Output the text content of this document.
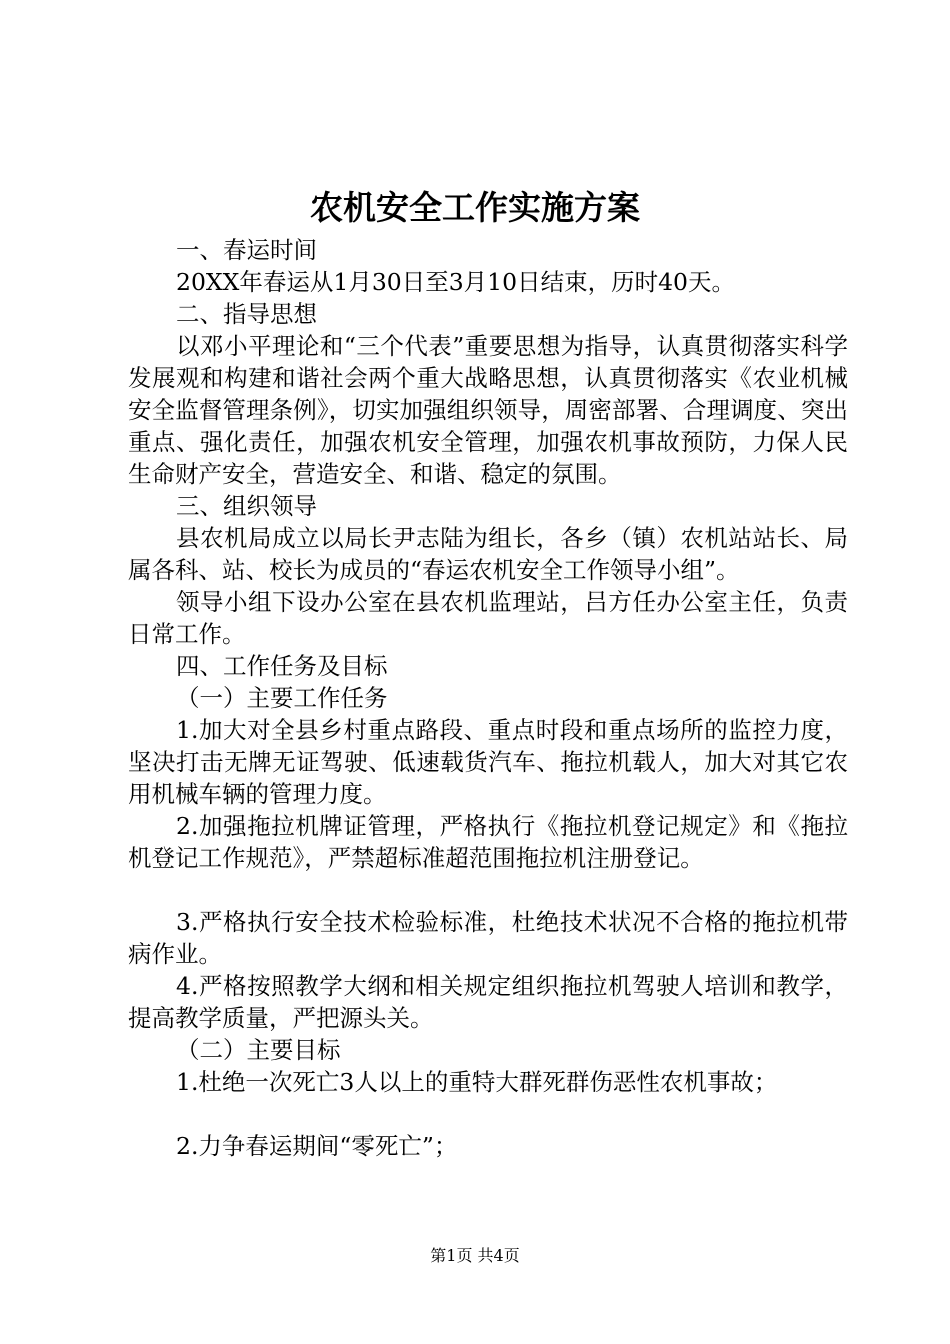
农机安全工作实施方案

一、春运时间

20XX年春运从1月30日至3月10日结束，历时40天。

二、指导思想

以邓小平理论和“三个代表”重要思想为指导，认真贯彻落实科学发展观和构建和谐社会两个重大战略思想，认真贯彻落实《农业机械安全监督管理条例》，切实加强组织领导，周密部署、合理调度、突出重点、强化责任，加强农机安全管理，加强农机事故预防，力保人民生命财产安全，营造安全、和谐、稳定的氛围。

三、组织领导

县农机局成立以局长尹志陆为组长，各乡（镇）农机站站长、局属各科、站、校长为成员的“春运农机安全工作领导小组”。

领导小组下设办公室在县农机监理站，吕方任办公室主任，负责日常工作。

四、工作任务及目标

（一）主要工作任务

1.加大对全县乡村重点路段、重点时段和重点场所的监控力度，坚决打击无牌无证驾驶、低速载货汽车、拖拉机载人，加大对其它农用机械车辆的管理力度。

2.加强拖拉机牌证管理，严格执行《拖拉机登记规定》和《拖拉机登记工作规范》，严禁超标准超范围拖拉机注册登记。

3.严格执行安全技术检验标准，杜绝技术状况不合格的拖拉机带病作业。

4.严格按照教学大纲和相关规定组织拖拉机驾驶人培训和教学，提高教学质量，严把源头关。

（二）主要目标

1.杜绝一次死亡3人以上的重特大群死群伤恶性农机事故；

2.力争春运期间“零死亡”；

第1页 共4页
